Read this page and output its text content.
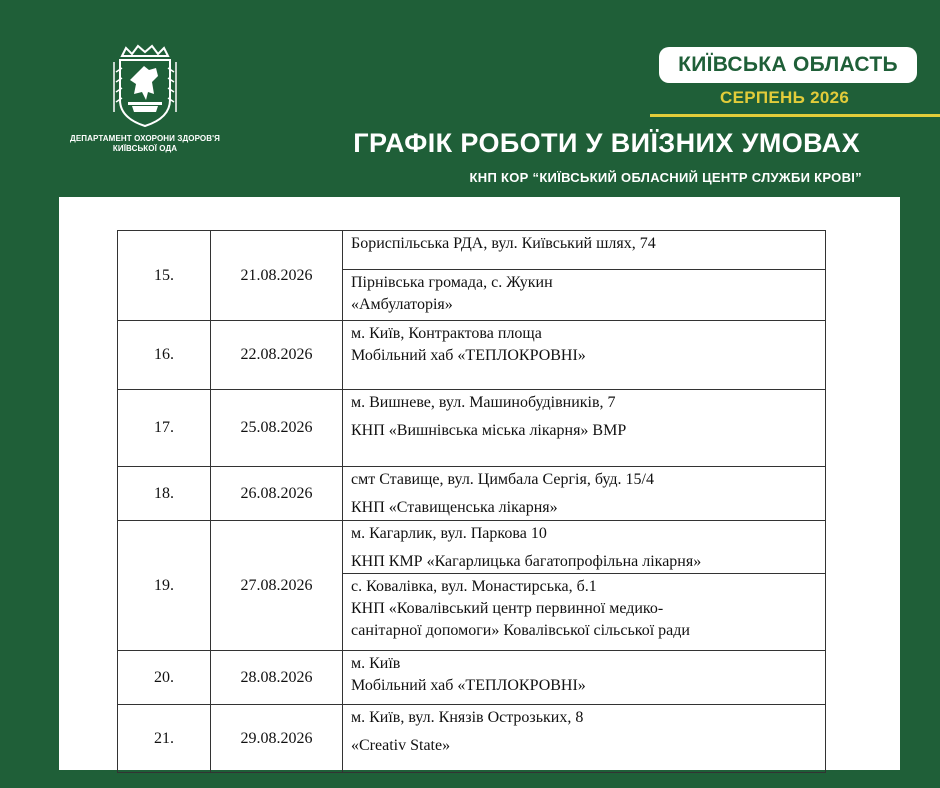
ДЕПАРТАМЕНТ ОХОРОНИ ЗДОРОВ'Я КИЇВСЬКОЇ ОДА
КИЇВСЬКА ОБЛАСТЬ
СЕРПЕНЬ 2026
ГРАФІК РОБОТИ У ВИЇЗНИХ УМОВАХ
КНП КОР “КИЇВСЬКИЙ ОБЛАСНИЙ ЦЕНТР СЛУЖБИ КРОВІ”
15.	21.08.2026	Бориспільська РДА, вул. Київський шлях, 74

		Пірнівська громада, с. Жукин
«Амбулаторія»

16.	22.08.2026	м. Київ, Контрактова площа
Мобільний хаб «ТЕПЛОКРОВНІ»

17.	25.08.2026	м. Вишневе, вул. Машинобудівників, 7
КНП «Вишнівська міська лікарня» ВМР

18.	26.08.2026	смт Ставище, вул. Цимбала Сергія, буд. 15/4
КНП «Ставищенська лікарня»

19.	27.08.2026	м. Кагарлик, вул. Паркова 10
КНП КМР «Кагарлицька багатопрофільна лікарня»

		с. Ковалівка, вул. Монастирська, б.1
КНП «Ковалівський центр первинної медико-
санітарної допомоги» Ковалівської сільської ради

20.	28.08.2026	м. Київ
Мобільний хаб «ТЕПЛОКРОВНІ»

21.	29.08.2026	м. Київ, вул. Князів Острозьких, 8
«Creativ State»
